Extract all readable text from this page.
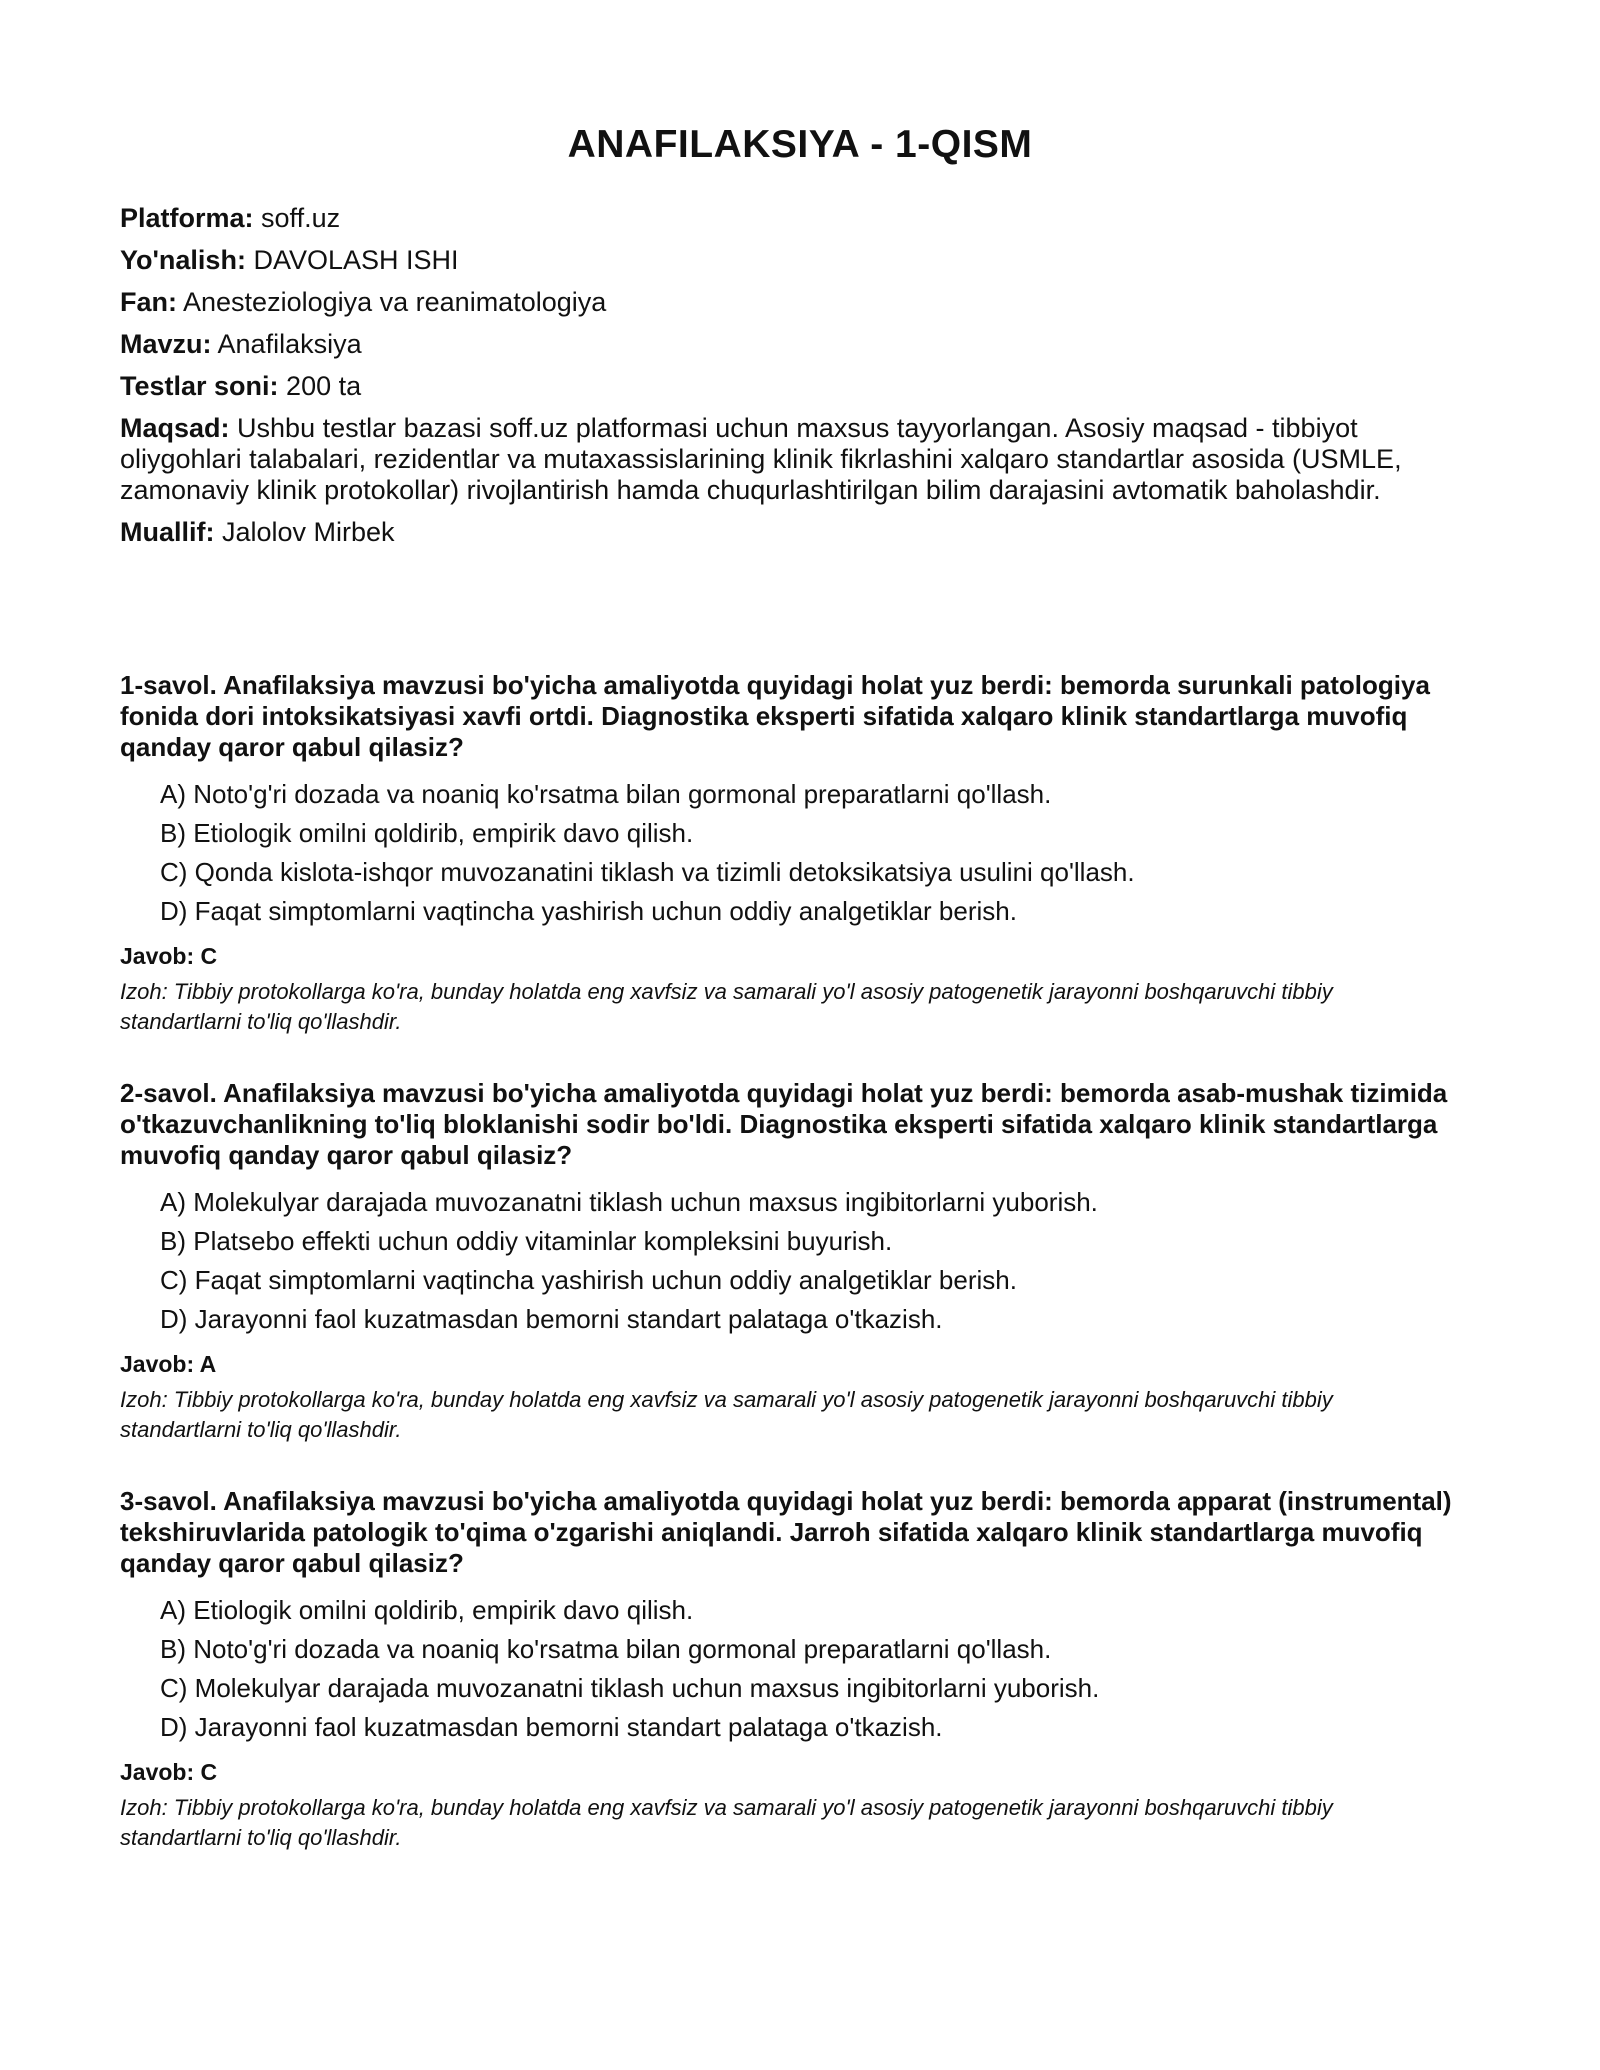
ANAFILAKSIYA - 1-QISM
Platforma: soff.uz
Yo'nalish: DAVOLASH ISHI
Fan: Anesteziologiya va reanimatologiya
Mavzu: Anafilaksiya
Testlar soni: 200 ta
Maqsad: Ushbu testlar bazasi soff.uz platformasi uchun maxsus tayyorlangan. Asosiy maqsad - tibbiyot oliygohlari talabalari, rezidentlar va mutaxassislarining klinik fikrlashini xalqaro standartlar asosida (USMLE, zamonaviy klinik protokollar) rivojlantirish hamda chuqurlashtirilgan bilim darajasini avtomatik baholashdir.
Muallif: Jalolov Mirbek

1-savol. Anafilaksiya mavzusi bo'yicha amaliyotda quyidagi holat yuz berdi: bemorda surunkali patologiya fonida dori intoksikatsiyasi xavfi ortdi. Diagnostika eksperti sifatida xalqaro klinik standartlarga muvofiq qanday qaror qabul qilasiz?

A) Noto'g'ri dozada va noaniq ko'rsatma bilan gormonal preparatlarni qo'llash.
B) Etiologik omilni qoldirib, empirik davo qilish.
C) Qonda kislota-ishqor muvozanatini tiklash va tizimli detoksikatsiya usulini qo'llash.
D) Faqat simptomlarni vaqtincha yashirish uchun oddiy analgetiklar berish.
Javob: C

Izoh: Tibbiy protokollarga ko'ra, bunday holatda eng xavfsiz va samarali yo'l asosiy patogenetik jarayonni boshqaruvchi tibbiy standartlarni to'liq qo'llashdir.

2-savol. Anafilaksiya mavzusi bo'yicha amaliyotda quyidagi holat yuz berdi: bemorda asab-mushak tizimida o'tkazuvchanlikning to'liq bloklanishi sodir bo'ldi. Diagnostika eksperti sifatida xalqaro klinik standartlarga muvofiq qanday qaror qabul qilasiz?

A) Molekulyar darajada muvozanatni tiklash uchun maxsus ingibitorlarni yuborish.
B) Platsebo effekti uchun oddiy vitaminlar kompleksini buyurish.
C) Faqat simptomlarni vaqtincha yashirish uchun oddiy analgetiklar berish.
D) Jarayonni faol kuzatmasdan bemorni standart palataga o'tkazish.
Javob: A

Izoh: Tibbiy protokollarga ko'ra, bunday holatda eng xavfsiz va samarali yo'l asosiy patogenetik jarayonni boshqaruvchi tibbiy standartlarni to'liq qo'llashdir.

3-savol. Anafilaksiya mavzusi bo'yicha amaliyotda quyidagi holat yuz berdi: bemorda apparat (instrumental) tekshiruvlarida patologik to'qima o'zgarishi aniqlandi. Jarroh sifatida xalqaro klinik standartlarga muvofiq qanday qaror qabul qilasiz?

A) Etiologik omilni qoldirib, empirik davo qilish.
B) Noto'g'ri dozada va noaniq ko'rsatma bilan gormonal preparatlarni qo'llash.
C) Molekulyar darajada muvozanatni tiklash uchun maxsus ingibitorlarni yuborish.
D) Jarayonni faol kuzatmasdan bemorni standart palataga o'tkazish.
Javob: C

Izoh: Tibbiy protokollarga ko'ra, bunday holatda eng xavfsiz va samarali yo'l asosiy patogenetik jarayonni boshqaruvchi tibbiy standartlarni to'liq qo'llashdir.
